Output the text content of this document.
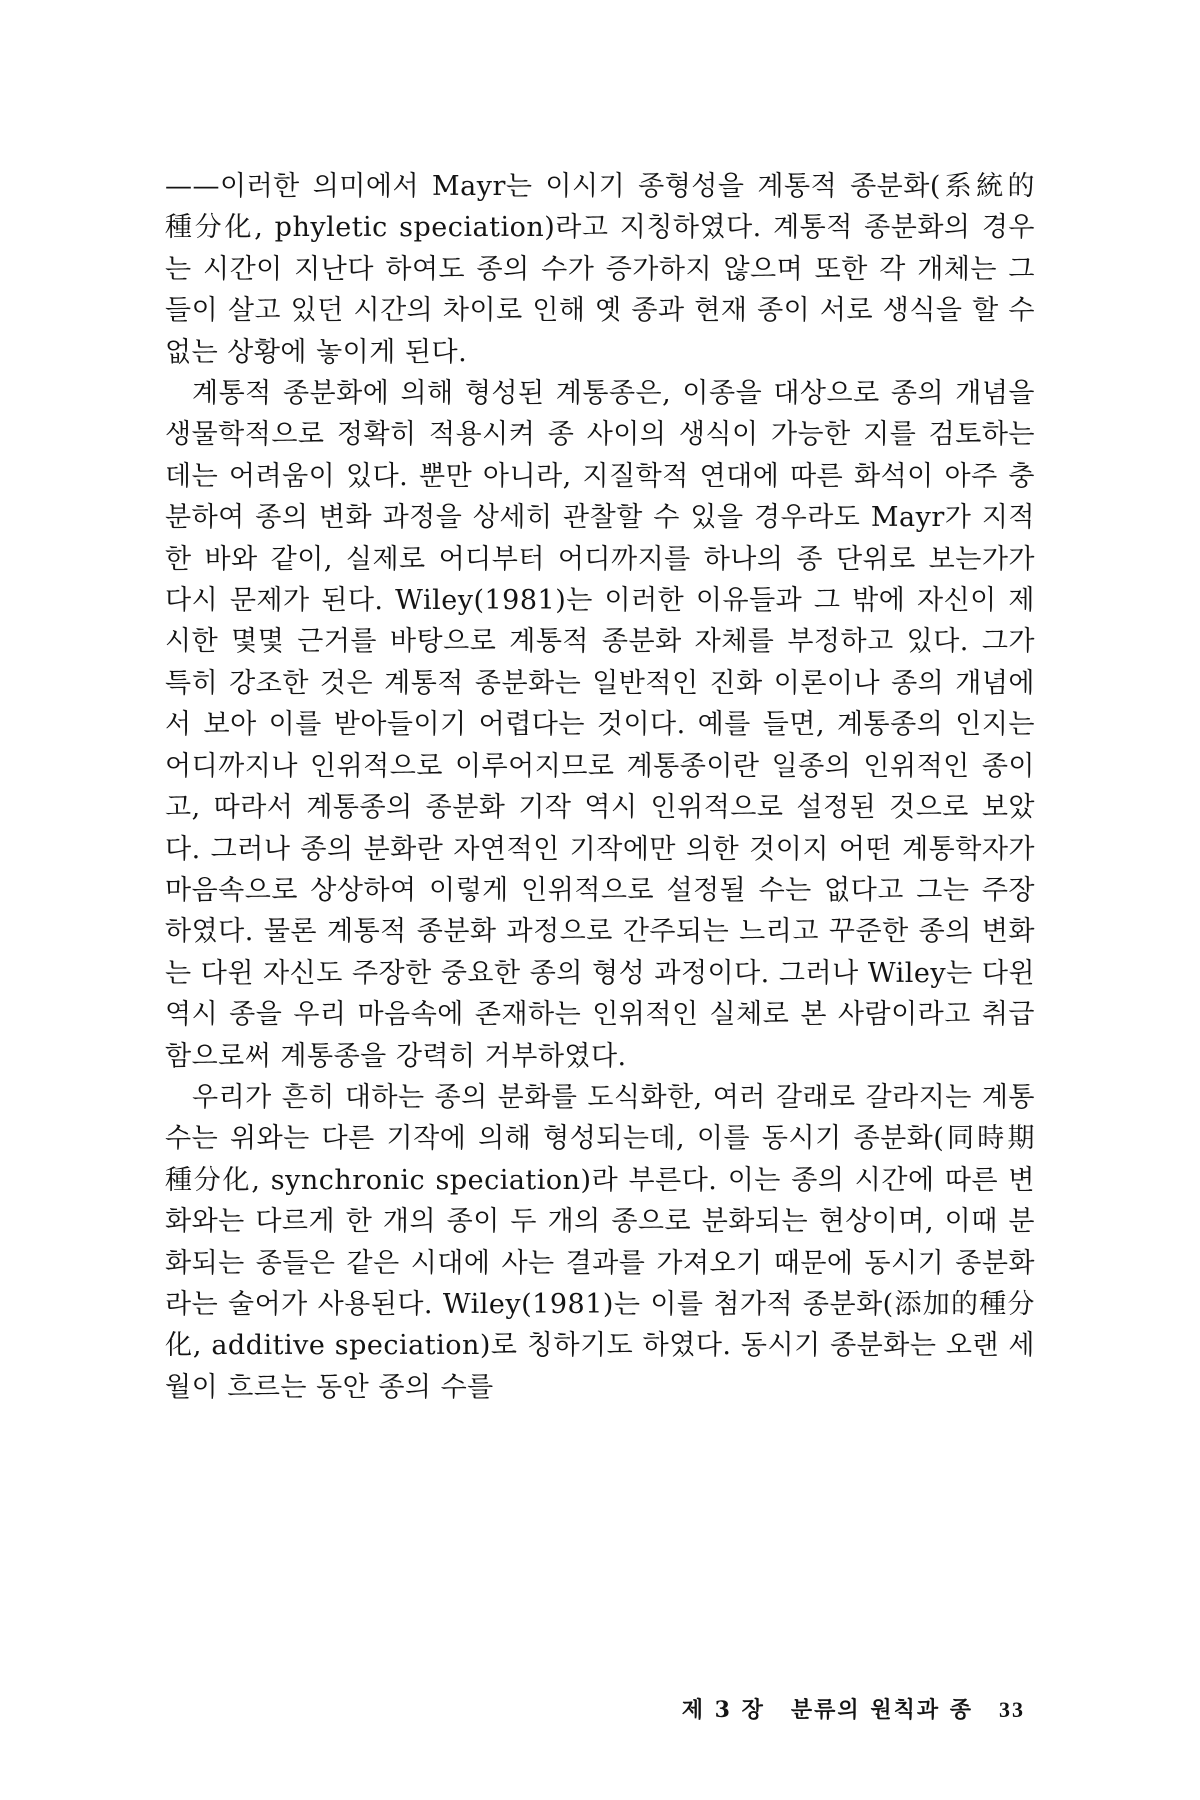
——이러한 의미에서 Mayr는 이시기 종형성을 계통적 종분화(系統的 種分化, phyletic speciation)라고 지칭하였다. 계통적 종분화의 경우는 시간이 지난다 하여도 종의 수가 증가하지 않으며 또한 각 개체는 그들이 살고 있던 시간의 차이로 인해 옛 종과 현재 종이 서로 생식을 할 수 없는 상황에 놓이게 된다.

계통적 종분화에 의해 형성된 계통종은, 이종을 대상으로 종의 개념을 생물학적으로 정확히 적용시켜 종 사이의 생식이 가능한 지를 검토하는 데는 어려움이 있다. 뿐만 아니라, 지질학적 연대에 따른 화석이 아주 충분하여 종의 변화 과정을 상세히 관찰할 수 있을 경우라도 Mayr가 지적한 바와 같이, 실제로 어디부터 어디까지를 하나의 종 단위로 보는가가 다시 문제가 된다. Wiley(1981)는 이러한 이유들과 그 밖에 자신이 제시한 몇몇 근거를 바탕으로 계통적 종분화 자체를 부정하고 있다. 그가 특히 강조한 것은 계통적 종분화는 일반적인 진화 이론이나 종의 개념에서 보아 이를 받아들이기 어렵다는 것이다. 예를 들면, 계통종의 인지는 어디까지나 인위적으로 이루어지므로 계통종이란 일종의 인위적인 종이고, 따라서 계통종의 종분화 기작 역시 인위적으로 설정된 것으로 보았다. 그러나 종의 분화란 자연적인 기작에만 의한 것이지 어떤 계통학자가 마음속으로 상상하여 이렇게 인위적으로 설정될 수는 없다고 그는 주장하였다. 물론 계통적 종분화 과정으로 간주되는 느리고 꾸준한 종의 변화는 다윈 자신도 주장한 중요한 종의 형성 과정이다. 그러나 Wiley는 다윈 역시 종을 우리 마음속에 존재하는 인위적인 실체로 본 사람이라고 취급함으로써 계통종을 강력히 거부하였다.

우리가 흔히 대하는 종의 분화를 도식화한, 여러 갈래로 갈라지는 계통수는 위와는 다른 기작에 의해 형성되는데, 이를 동시기 종분화(同時期 種分化, synchronic speciation)라 부른다. 이는 종의 시간에 따른 변화와는 다르게 한 개의 종이 두 개의 종으로 분화되는 현상이며, 이때 분화되는 종들은 같은 시대에 사는 결과를 가져오기 때문에 동시기 종분화라는 술어가 사용된다. Wiley(1981)는 이를 첨가적 종분화(添加的種分化, additive speciation)로 칭하기도 하였다. 동시기 종분화는 오랜 세월이 흐르는 동안 종의 수를

제 3 장 분류의 원칙과 종 33
